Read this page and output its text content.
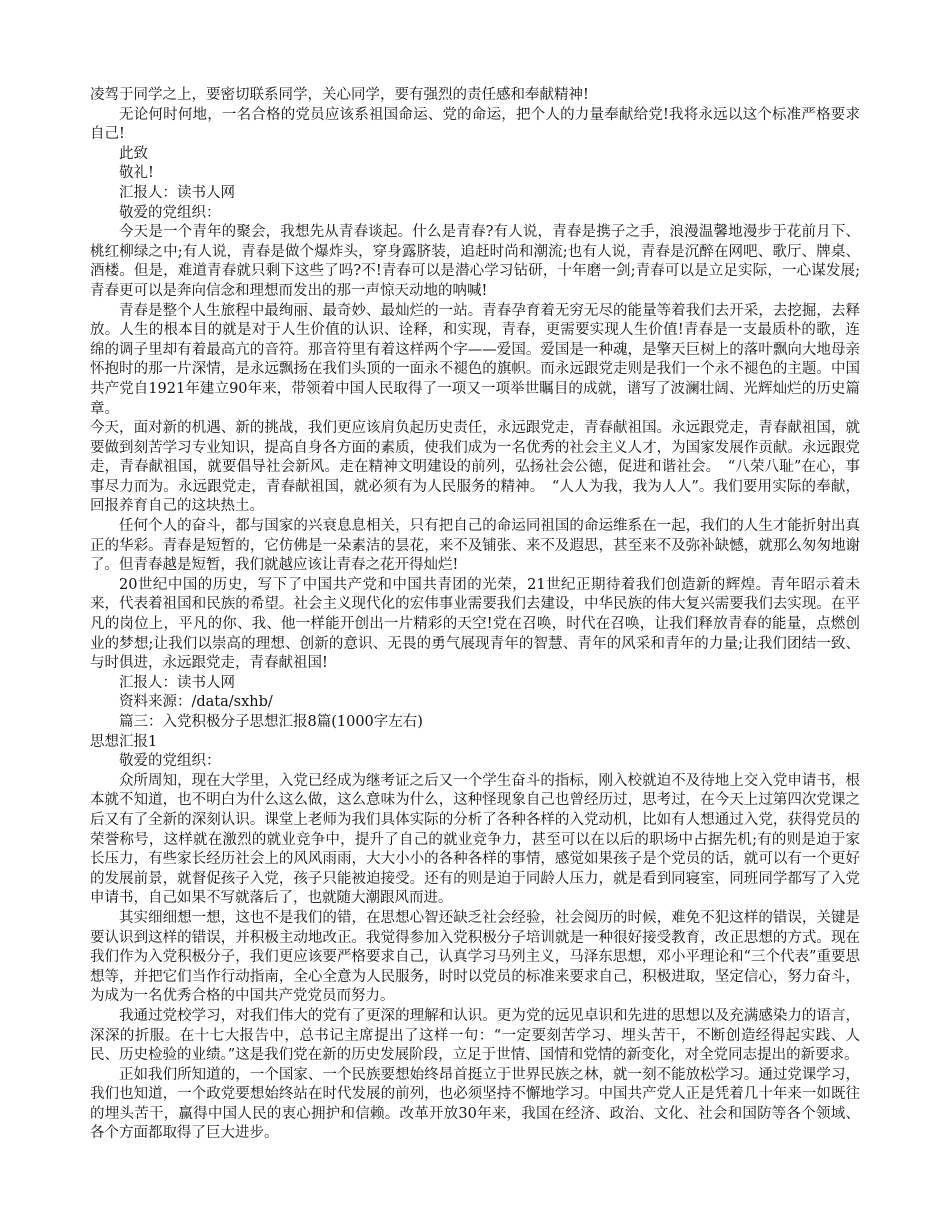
凌驾于同学之上，要密切联系同学，关心同学，要有强烈的责任感和奉献精神!

无论何时何地，一名合格的党员应该系祖国命运、党的命运，把个人的力量奉献给党!我将永远以这个标准严格要求自己!

此致

敬礼!

汇报人：读书人网

敬爱的党组织：

今天是一个青年的聚会，我想先从青春谈起。什么是青春?有人说，青春是携子之手，浪漫温馨地漫步于花前月下、桃红柳绿之中;有人说，青春是做个爆炸头，穿身露脐装，追赶时尚和潮流;也有人说，青春是沉醉在网吧、歌厅、牌桌、酒楼。但是，难道青春就只剩下这些了吗?不!青春可以是潜心学习钻研，十年磨一剑;青春可以是立足实际，一心谋发展;青春更可以是奔向信念和理想而发出的那一声惊天动地的呐喊!

青春是整个人生旅程中最绚丽、最奇妙、最灿烂的一站。青春孕育着无穷无尽的能量等着我们去开采，去挖掘，去释放。人生的根本目的就是对于人生价值的认识、诠释，和实现，青春，更需要实现人生价值!青春是一支最质朴的歌，连绵的调子里却有着最高亢的音符。那音符里有着这样两个字——爱国。爱国是一种魂，是擎天巨树上的落叶飘向大地母亲怀抱时的那一片深情，是永远飘扬在我们头顶的一面永不褪色的旗帜。而永远跟党走则是我们一个永不褪色的主题。中国共产党自1921年建立90年来，带领着中国人民取得了一项又一项举世瞩目的成就，谱写了波澜壮阔、光辉灿烂的历史篇章。

今天，面对新的机遇、新的挑战，我们更应该肩负起历史责任，永远跟党走，青春献祖国。永远跟党走，青春献祖国，就要做到刻苦学习专业知识，提高自身各方面的素质，使我们成为一名优秀的社会主义人才，为国家发展作贡献。永远跟党走，青春献祖国，就要倡导社会新风。走在精神文明建设的前列，弘扬社会公德，促进和谐社会。　“八荣八耻”在心，事事尽力而为。永远跟党走，青春献祖国，就必须有为人民服务的精神。　“人人为我，我为人人”。我们要用实际的奉献，回报养育自己的这块热土。

任何个人的奋斗，都与国家的兴衰息息相关，只有把自己的命运同祖国的命运维系在一起，我们的人生才能折射出真正的华彩。青春是短暂的，它仿佛是一朵素洁的昙花，来不及铺张、来不及遐思，甚至来不及弥补缺憾，就那么匆匆地谢了。但青春越是短暂，我们就越应该让青春之花开得灿烂!

20世纪中国的历史，写下了中国共产党和中国共青团的光荣，21世纪正期待着我们创造新的辉煌。青年昭示着未来，代表着祖国和民族的希望。社会主义现代化的宏伟事业需要我们去建设，中华民族的伟大复兴需要我们去实现。在平凡的岗位上，平凡的你、我、他一样能开创出一片精彩的天空!党在召唤，时代在召唤，让我们释放青春的能量，点燃创业的梦想;让我们以崇高的理想、创新的意识、无畏的勇气展现青年的智慧、青年的风采和青年的力量;让我们团结一致、与时俱进，永远跟党走，青春献祖国!

汇报人：读书人网

资料来源：/data/sxhb/

篇三：入党积极分子思想汇报8篇(1000字左右)

思想汇报1

敬爱的党组织：

众所周知，现在大学里，入党已经成为继考证之后又一个学生奋斗的指标，刚入校就迫不及待地上交入党申请书，根本就不知道，也不明白为什么这么做，这么意味为什么，这种怪现象自己也曾经历过，思考过，在今天上过第四次党课之后又有了全新的深刻认识。课堂上老师为我们具体实际的分析了各种各样的入党动机，比如有人想通过入党，获得党员的荣誉称号，这样就在激烈的就业竞争中，提升了自己的就业竞争力，甚至可以在以后的职场中占据先机;有的则是迫于家长压力，有些家长经历社会上的风风雨雨，大大小小的各种各样的事情，感觉如果孩子是个党员的话，就可以有一个更好的发展前景，就督促孩子入党，孩子只能被迫接受。还有的则是迫于同龄人压力，就是看到同寝室，同班同学都写了入党申请书，自己如果不写就落后了，也就随大潮跟风而进。

其实细细想一想，这也不是我们的错，在思想心智还缺乏社会经验，社会阅历的时候，难免不犯这样的错误，关键是要认识到这样的错误，并积极主动地改正。我觉得参加入党积极分子培训就是一种很好接受教育，改正思想的方式。现在我们作为入党积极分子，我们更应该要严格要求自己，认真学习马列主义，马泽东思想，邓小平理论和“三个代表”重要思想等，并把它们当作行动指南，全心全意为人民服务，时时以党员的标准来要求自己，积极进取，坚定信心，努力奋斗，为成为一名优秀合格的中国共产党党员而努力。

我通过党校学习，对我们伟大的党有了更深的理解和认识。更为党的远见卓识和先进的思想以及充满感染力的语言，深深的折服。在十七大报告中，总书记主席提出了这样一句：“一定要刻苦学习、埋头苦干，不断创造经得起实践、人民、历史检验的业绩。”这是我们党在新的历史发展阶段，立足于世情、国情和党情的新变化，对全党同志提出的新要求。

正如我们所知道的，一个国家、一个民族要想始终昂首挺立于世界民族之林，就一刻不能放松学习。通过党课学习，我们也知道，一个政党要想始终站在时代发展的前列，也必须坚持不懈地学习。中国共产党人正是凭着几十年来一如既往的埋头苦干，赢得中国人民的衷心拥护和信赖。改革开放30年来，我国在经济、政治、文化、社会和国防等各个领域、各个方面都取得了巨大进步。
